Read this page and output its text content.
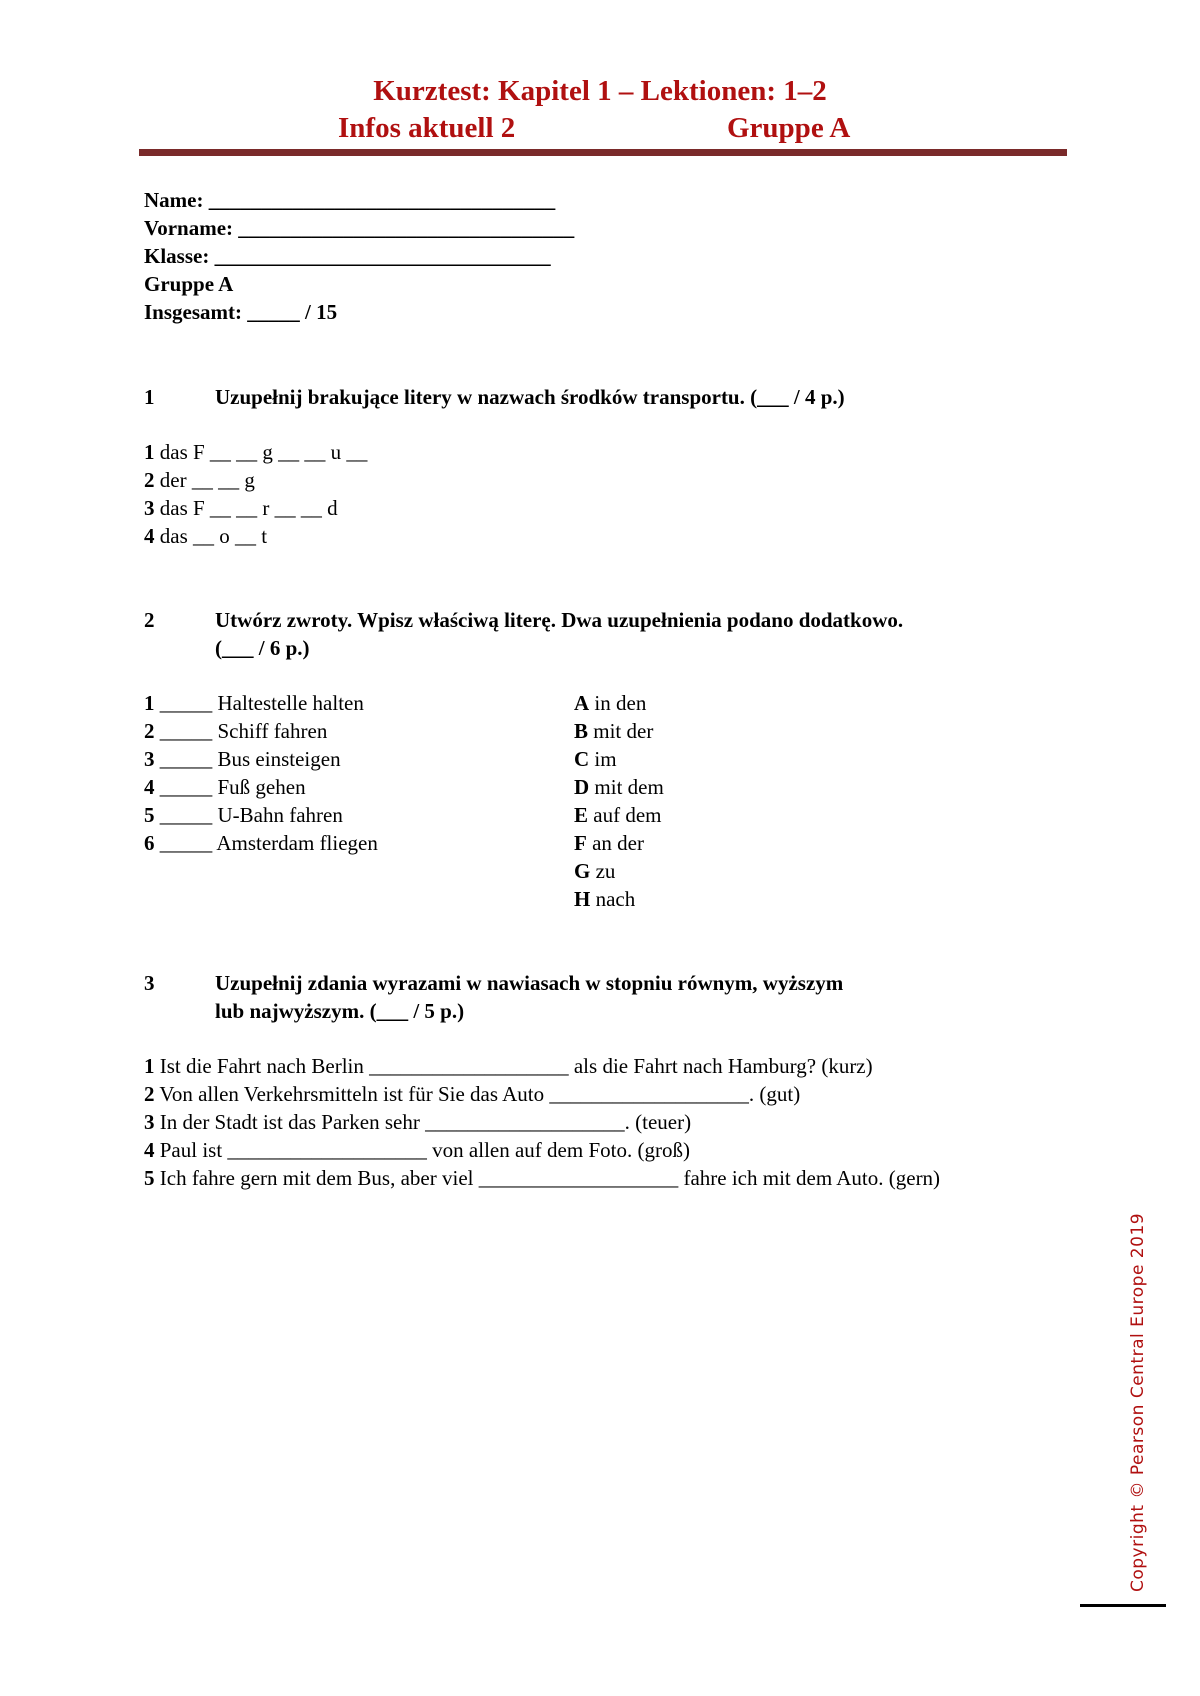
Kurztest: Kapitel 1 – Lektionen: 1–2
Infos aktuell 2	Gruppe A
Name: _________________________________
Vorname: ________________________________
Klasse: ________________________________
Gruppe A
Insgesamt: _____ / 15
1	Uzupełnij brakujące litery w nazwach środków transportu. (___ / 4 p.)
1 das F __ __ g __ __ u __
2 der __ __ g
3 das F __ __ r __ __ d
4 das __ o __ t
2	Utwórz zwroty. Wpisz właściwą literę. Dwa uzupełnienia podano dodatkowo.
(___ / 6 p.)
1 _____ Haltestelle halten
2 _____ Schiff fahren
3 _____ Bus einsteigen
4 _____ Fuß gehen
5 _____ U-Bahn fahren
6 _____ Amsterdam fliegen
A in den
B mit der
C im
D mit dem
E auf dem
F an der
G zu
H nach
3	Uzupełnij zdania wyrazami w nawiasach w stopniu równym, wyższym
lub najwyższym. (___ / 5 p.)
1 Ist die Fahrt nach Berlin ___________________ als die Fahrt nach Hamburg? (kurz)
2 Von allen Verkehrsmitteln ist für Sie das Auto ___________________. (gut)
3 In der Stadt ist das Parken sehr ___________________. (teuer)
4 Paul ist ___________________ von allen auf dem Foto. (groß)
5 Ich fahre gern mit dem Bus, aber viel ___________________ fahre ich mit dem Auto. (gern)
Copyright © Pearson Central Europe 2019
